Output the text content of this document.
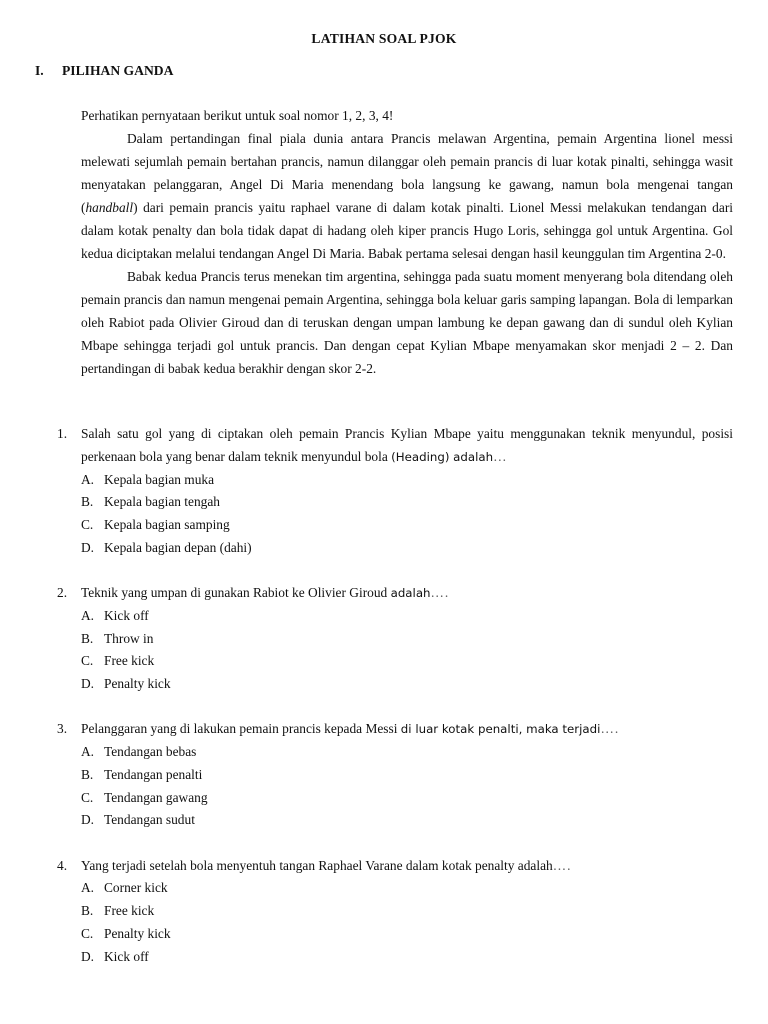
LATIHAN SOAL PJOK
I. PILIHAN GANDA

Perhatikan pernyataan berikut untuk soal nomor 1, 2, 3, 4!

Dalam pertandingan final piala dunia antara Prancis melawan Argentina, pemain Argentina lionel messi melewati sejumlah pemain bertahan prancis, namun dilanggar oleh pemain prancis di luar kotak pinalti, sehingga wasit menyatakan pelanggaran, Angel Di Maria menendang bola langsung ke gawang, namun bola mengenai tangan (handball) dari pemain prancis yaitu raphael varane di dalam kotak pinalti. Lionel Messi melakukan tendangan dari dalam kotak penalty dan bola tidak dapat di hadang oleh kiper prancis Hugo Loris, sehingga gol untuk Argentina. Gol kedua diciptakan melalui tendangan Angel Di Maria. Babak pertama selesai dengan hasil keunggulan tim Argentina 2-0.

Babak kedua Prancis terus menekan tim argentina, sehingga pada suatu moment menyerang bola ditendang oleh pemain prancis dan namun mengenai pemain Argentina, sehingga bola keluar garis samping lapangan. Bola di lemparkan oleh Rabiot pada Olivier Giroud dan di teruskan dengan umpan lambung ke depan gawang dan di sundul oleh Kylian Mbape sehingga terjadi gol untuk prancis. Dan dengan cepat Kylian Mbape menyamakan skor menjadi 2 – 2. Dan pertandingan di babak kedua berakhir dengan skor 2-2.

1.	Salah satu gol yang di ciptakan oleh pemain Prancis Kylian Mbape yaitu menggunakan teknik menyundul, posisi perkenaan bola yang benar dalam teknik menyundul bola (Heading) adalah…
A. Kepala bagian muka
B. Kepala bagian tengah
C. Kepala bagian samping
D. Kepala bagian depan (dahi)
2.	Teknik yang umpan di gunakan Rabiot ke Olivier Giroud adalah….
A. Kick off
B. Throw in
C. Free kick
D. Penalty kick
3.	Pelanggaran yang di lakukan pemain prancis kepada Messi di luar kotak penalti, maka terjadi….
A. Tendangan bebas
B. Tendangan penalti
C. Tendangan gawang
D. Tendangan sudut
4.	Yang terjadi setelah bola menyentuh tangan Raphael Varane dalam kotak penalty adalah….
A. Corner kick
B. Free kick
C. Penalty kick
D. Kick off
